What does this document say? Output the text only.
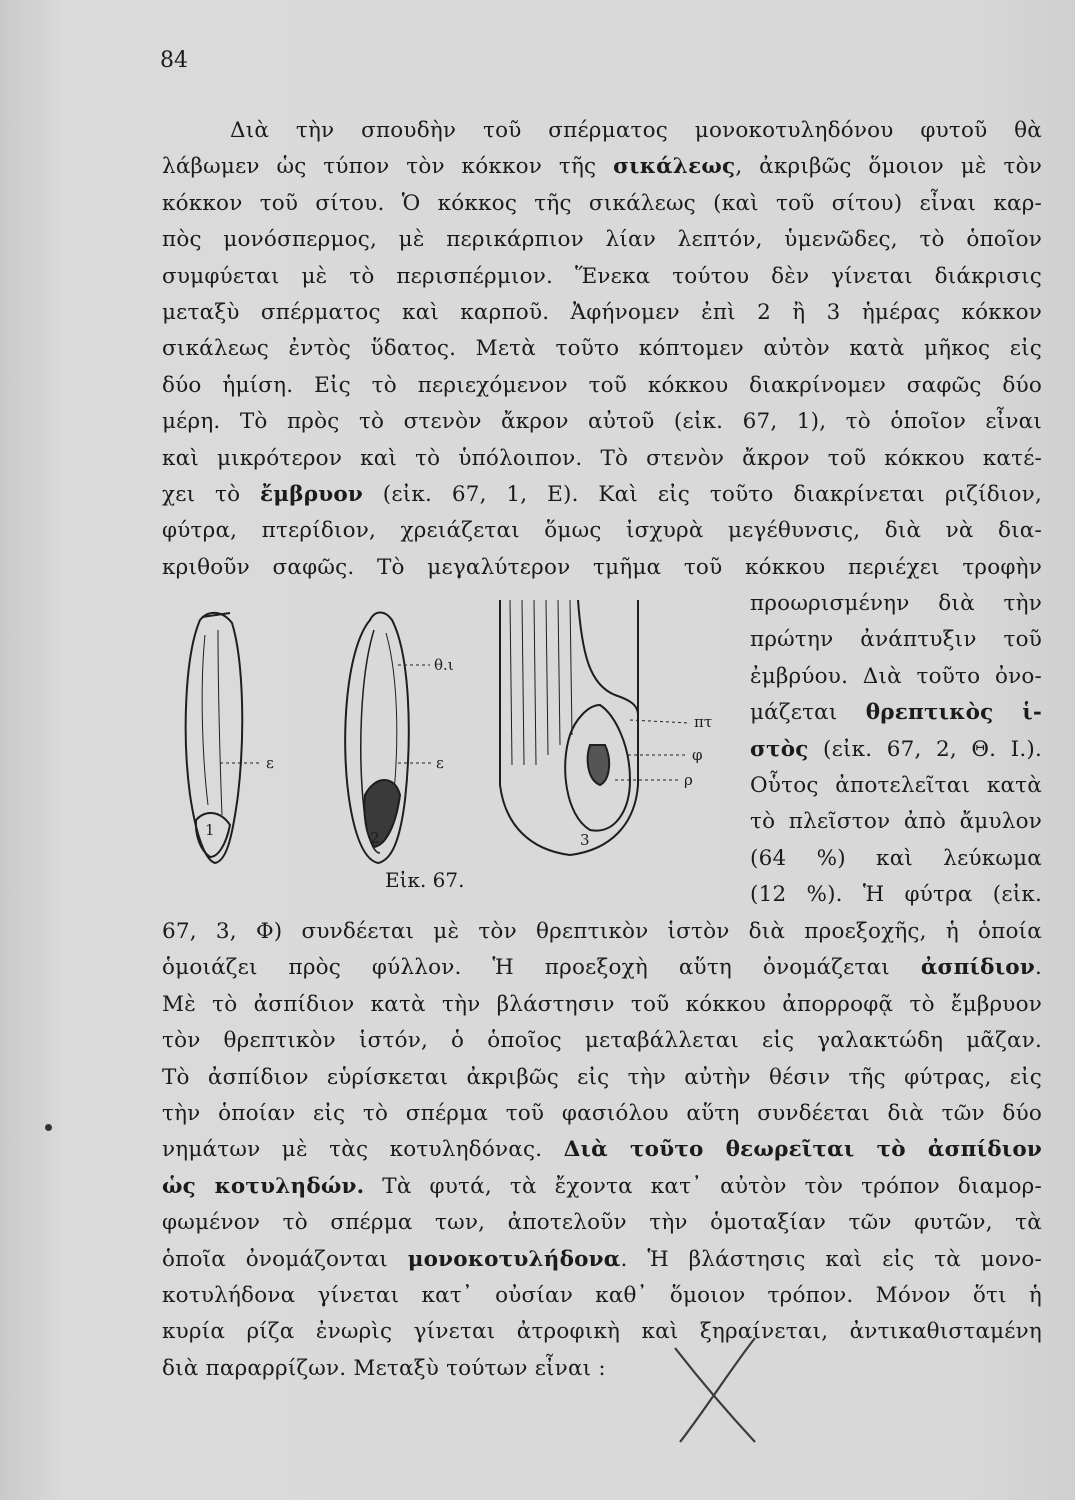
84
Διὰ τὴν σπουδὴν τοῦ σπέρματος μονοκοτυληδόνου φυτοῦ θὰ
λάβωμεν ὡς τύπον τὸν κόκκον τῆς σικάλεως, ἀκριβῶς ὅμοιον μὲ τὸν
κόκκον τοῦ σίτου. Ὁ κόκκος τῆς σικάλεως (καὶ τοῦ σίτου) εἶναι καρ-
πὸς μονόσπερμος, μὲ περικάρπιον λίαν λεπτόν, ὑμενῶδες, τὸ ὁποῖον
συμφύεται μὲ τὸ περισπέρμιον. Ἕνεκα τούτου δὲν γίνεται διάκρισις
μεταξὺ σπέρματος καὶ καρποῦ. Ἀφήνομεν ἐπὶ 2 ἢ 3 ἡμέρας κόκκον
σικάλεως ἐντὸς ὕδατος. Μετὰ τοῦτο κόπτομεν αὐτὸν κατὰ μῆκος εἰς
δύο ἡμίση. Εἰς τὸ περιεχόμενον τοῦ κόκκου διακρίνομεν σαφῶς δύο
μέρη. Τὸ πρὸς τὸ στενὸν ἄκρον αὐτοῦ (εἰκ. 67, 1), τὸ ὁποῖον εἶναι
καὶ μικρότερον καὶ τὸ ὑπόλοιπον. Τὸ στενὸν ἄκρον τοῦ κόκκου κατέ-
χει τὸ ἔμβρυον (εἰκ. 67, 1, Ε). Καὶ εἰς τοῦτο διακρίνεται ριζίδιον,
φύτρα, πτερίδιον, χρειάζεται ὅμως ἰσχυρὰ μεγέθυνσις, διὰ νὰ δια-
κριθοῦν σαφῶς. Τὸ μεγαλύτερον τμῆμα τοῦ κόκκου περιέχει τροφὴν
1	2	3
ε
θ.ι
ε
πτ
φ
ρ
Εἰκ. 67.
προωρισμένην διὰ τὴν
πρώτην ἀνάπτυξιν τοῦ
ἐμβρύου. Διὰ τοῦτο ὀνο-
μάζεται θρεπτικὸς ἱ-
στὸς (εἰκ. 67, 2, Θ. Ι.).
Οὗτος ἀποτελεῖται κατὰ
τὸ πλεῖστον ἀπὸ ἄμυλον
(64 %) καὶ λεύκωμα
(12 %). Ἡ φύτρα (εἰκ.
67, 3, Φ) συνδέεται μὲ τὸν θρεπτικὸν ἱστὸν διὰ προεξοχῆς, ἡ ὁποία
ὁμοιάζει πρὸς φύλλον. Ἡ προεξοχὴ αὕτη ὀνομάζεται ἀσπίδιον.
Μὲ τὸ ἀσπίδιον κατὰ τὴν βλάστησιν τοῦ κόκκου ἀπορροφᾷ τὸ ἔμβρυον
τὸν θρεπτικὸν ἱστόν, ὁ ὁποῖος μεταβάλλεται εἰς γαλακτώδη μᾶζαν.
Τὸ ἀσπίδιον εὑρίσκεται ἀκριβῶς εἰς τὴν αὐτὴν θέσιν τῆς φύτρας, εἰς
τὴν ὁποίαν εἰς τὸ σπέρμα τοῦ φασιόλου αὕτη συνδέεται διὰ τῶν δύο
νημάτων μὲ τὰς κοτυληδόνας. Διὰ τοῦτο θεωρεῖται τὸ ἀσπίδιον
ὡς κοτυληδών. Τὰ φυτά, τὰ ἔχοντα κατ᾽ αὐτὸν τὸν τρόπον διαμορ-
φωμένον τὸ σπέρμα των, ἀποτελοῦν τὴν ὁμοταξίαν τῶν φυτῶν, τὰ
ὁποῖα ὀνομάζονται μονοκοτυλήδονα. Ἡ βλάστησις καὶ εἰς τὰ μονο-
κοτυλήδονα γίνεται κατ᾽ οὐσίαν καθ᾽ ὅμοιον τρόπον. Μόνον ὅτι ἡ
κυρία ρίζα ἐνωρὶς γίνεται ἀτροφικὴ καὶ ξηραίνεται, ἀντικαθισταμένη
διὰ παραρρίζων. Μεταξὺ τούτων εἶναι :
